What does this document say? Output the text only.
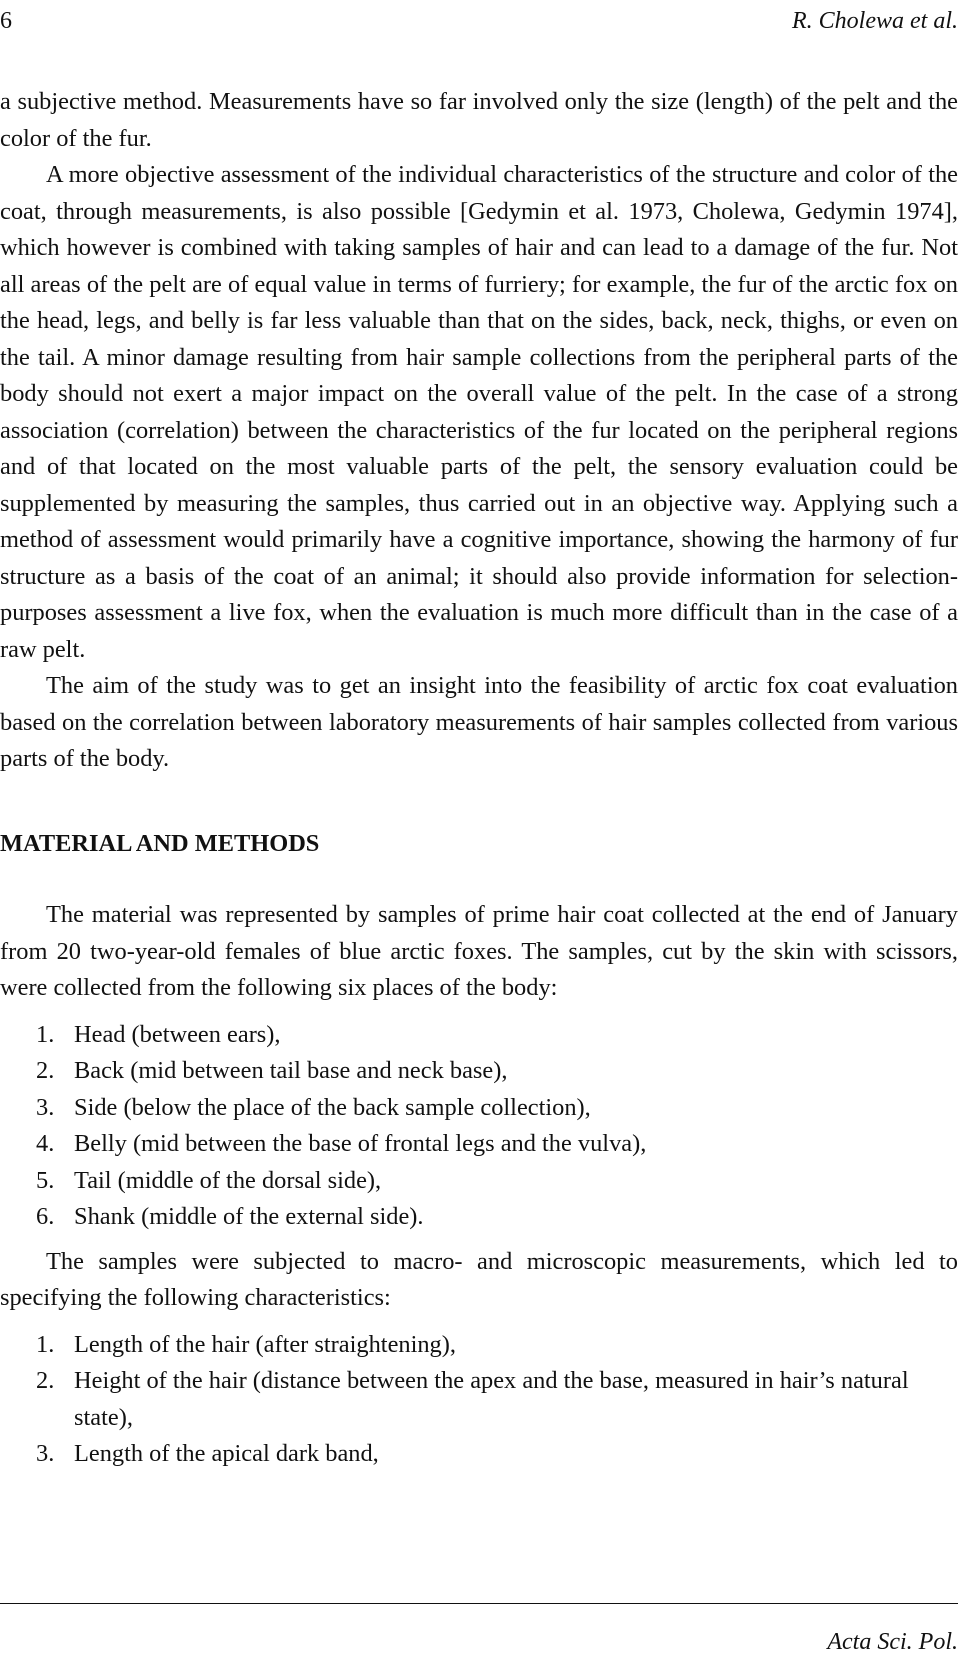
6	R. Cholewa et al.

a subjective method. Measurements have so far involved only the size (length) of the pelt and the color of the fur.

A more objective assessment of the individual characteristics of the structure and color of the coat, through measurements, is also possible [Gedymin et al. 1973, Cholewa, Gedymin 1974], which however is combined with taking samples of hair and can lead to a damage of the fur. Not all areas of the pelt are of equal value in terms of furriery; for example, the fur of the arctic fox on the head, legs, and belly is far less valuable than that on the sides, back, neck, thighs, or even on the tail. A minor damage resulting from hair sample collections from the peripheral parts of the body should not exert a major impact on the overall value of the pelt. In the case of a strong association (correlation) between the characteristics of the fur located on the peripheral regions and of that located on the most valuable parts of the pelt, the sensory evaluation could be supplemented by measuring the samples, thus carried out in an objective way. Applying such a method of assessment would primarily have a cognitive importance, showing the harmony of fur structure as a basis of the coat of an animal; it should also provide information for selection-purposes assessment a live fox, when the evaluation is much more difficult than in the case of a raw pelt.

The aim of the study was to get an insight into the feasibility of arctic fox coat evaluation based on the correlation between laboratory measurements of hair samples collected from various parts of the body.

MATERIAL AND METHODS

The material was represented by samples of prime hair coat collected at the end of January from 20 two-year-old females of blue arctic foxes. The samples, cut by the skin with scissors, were collected from the following six places of the body:

1. Head (between ears),
2. Back (mid between tail base and neck base),
3. Side (below the place of the back sample collection),
4. Belly (mid between the base of frontal legs and the vulva),
5. Tail (middle of the dorsal side),
6. Shank (middle of the external side).

The samples were subjected to macro- and microscopic measurements, which led to specifying the following characteristics:

1. Length of the hair (after straightening),
2. Height of the hair (distance between the apex and the base, measured in hair’s natural state),
3. Length of the apical dark band,
Acta Sci. Pol.
